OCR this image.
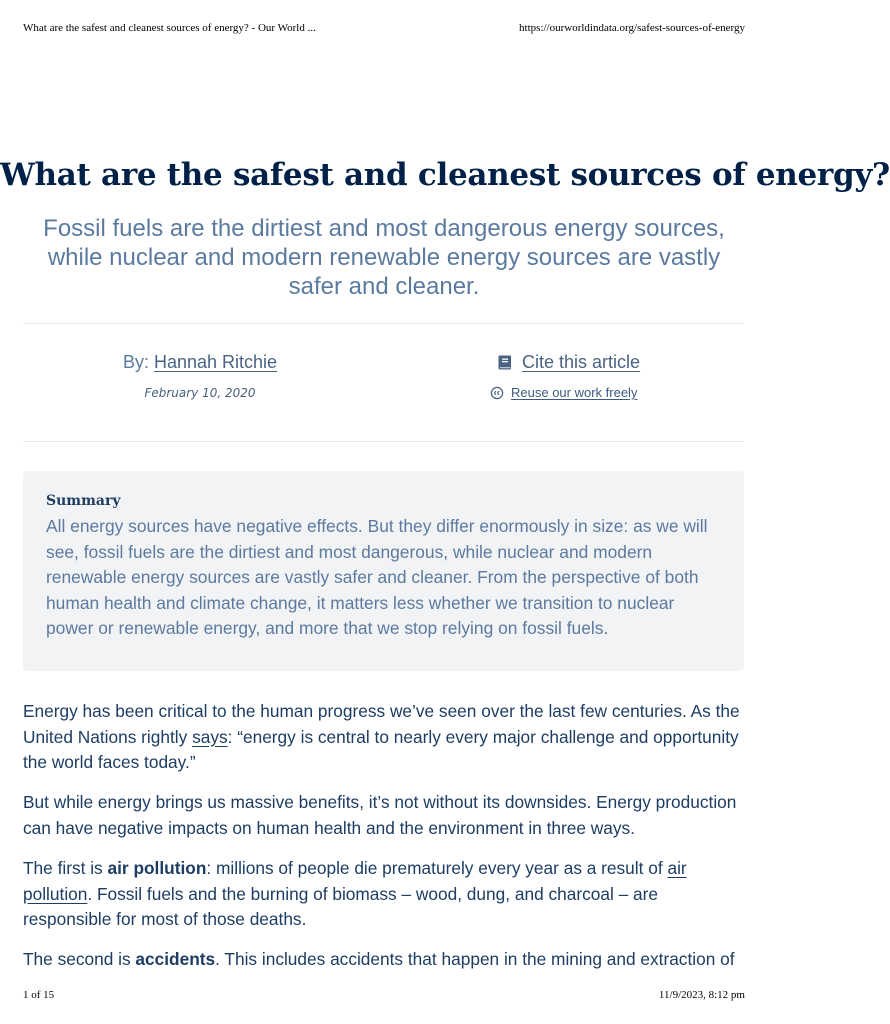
What are the safest and cleanest sources of energy? - Our World ...	https://ourworldindata.org/safest-sources-of-energy
What are the safest and cleanest sources of energy?
Fossil fuels are the dirtiest and most dangerous energy sources, while nuclear and modern renewable energy sources are vastly safer and cleaner.
By: Hannah Ritchie
February 10, 2020
Cite this article
Reuse our work freely
Summary

All energy sources have negative effects. But they differ enormously in size: as we will see, fossil fuels are the dirtiest and most dangerous, while nuclear and modern renewable energy sources are vastly safer and cleaner. From the perspective of both human health and climate change, it matters less whether we transition to nuclear power or renewable energy, and more that we stop relying on fossil fuels.

Energy has been critical to the human progress we’ve seen over the last few centuries. As the United Nations rightly says: “energy is central to nearly every major challenge and opportunity the world faces today.”

But while energy brings us massive benefits, it’s not without its downsides. Energy production can have negative impacts on human health and the environment in three ways.

The first is air pollution: millions of people die prematurely every year as a result of air pollution. Fossil fuels and the burning of biomass – wood, dung, and charcoal – are responsible for most of those deaths.

The second is accidents. This includes accidents that happen in the mining and extraction of

1 of 15	11/9/2023, 8:12 pm
